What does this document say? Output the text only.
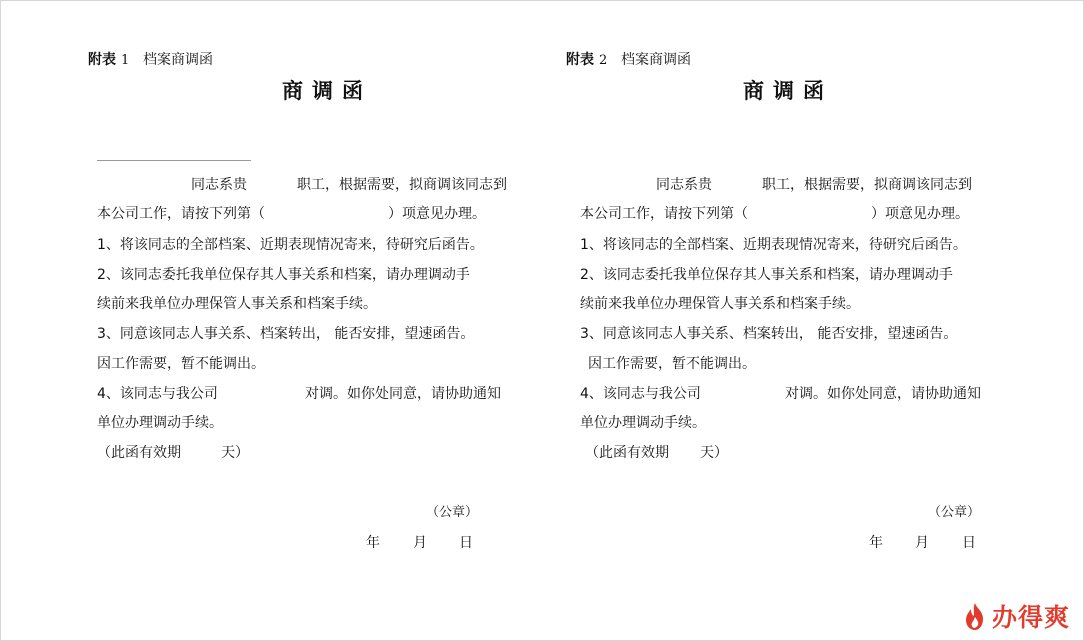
附表 1 档案商调函
商调函
同志系贵	职工，根据需要，拟商调该同志到
本公司工作，请按下列第（	）项意见办理。
1、将该同志的全部档案、近期表现情况寄来，待研究后函告。
2、该同志委托我单位保存其人事关系和档案，请办理调动手
续前来我单位办理保管人事关系和档案手续。
3、同意该同志人事关系、档案转出， 能否安排，望速函告。
因工作需要，暂不能调出。
4、该同志与我公司	对调。如你处同意，请协助通知
单位办理调动手续。
（此函有效期	天）
（公章）
年 月 日
附表 2 档案商调函
商调函
同志系贵	职工，根据需要，拟商调该同志到
本公司工作，请按下列第（	）项意见办理。
1、将该同志的全部档案、近期表现情况寄来，待研究后函告。
2、该同志委托我单位保存其人事关系和档案，请办理调动手
续前来我单位办理保管人事关系和档案手续。
3、同意该同志人事关系、档案转出， 能否安排，望速函告。
因工作需要，暂不能调出。
4、该同志与我公司	对调。如你处同意，请协助通知
单位办理调动手续。
（此函有效期 天）
（公章）
年 月 日
办得爽
